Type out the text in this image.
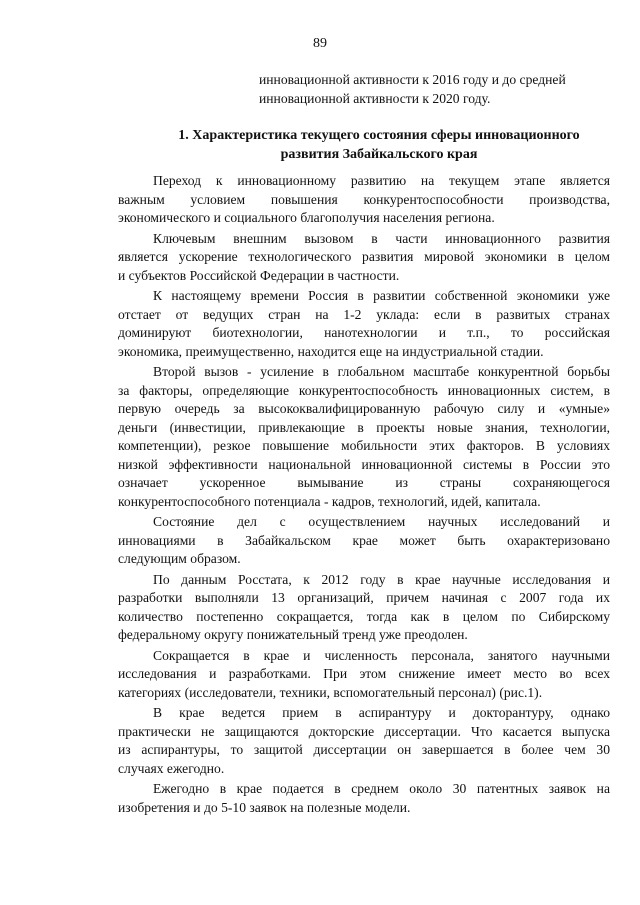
89
инновационной активности к 2016 году и до средней
инновационной активности к 2020 году.
1. Характеристика текущего состояния сферы инновационного
развития Забайкальского края
Переход к инновационному развитию на текущем этапе является
важным условием повышения конкурентоспособности производства,
экономического и социального благополучия населения региона.
Ключевым внешним вызовом в части инновационного развития
является ускорение технологического развития мировой экономики в целом
и субъектов Российской Федерации в частности.
К настоящему времени Россия в развитии собственной экономики уже
отстает от ведущих стран на 1-2 уклада: если в развитых странах
доминируют биотехнологии, нанотехнологии и т.п., то российская
экономика, преимущественно, находится еще на индустриальной стадии.
Второй вызов - усиление в глобальном масштабе конкурентной борьбы
за факторы, определяющие конкурентоспособность инновационных систем, в
первую очередь за высококвалифицированную рабочую силу и «умные»
деньги (инвестиции, привлекающие в проекты новые знания, технологии,
компетенции), резкое повышение мобильности этих факторов. В условиях
низкой эффективности национальной инновационной системы в России это
означает ускоренное вымывание из страны сохраняющегося
конкурентоспособного потенциала - кадров, технологий, идей, капитала.
Состояние дел с осуществлением научных исследований и
инновациями в Забайкальском крае может быть охарактеризовано
следующим образом.
По данным Росстата, к 2012 году в крае научные исследования и
разработки выполняли 13 организаций, причем начиная с 2007 года их
количество постепенно сокращается, тогда как в целом по Сибирскому
федеральному округу понижательный тренд уже преодолен.
Сокращается в крае и численность персонала, занятого научными
исследования и разработками. При этом снижение имеет место во всех
категориях (исследователи, техники, вспомогательный персонал) (рис.1).
В крае ведется прием в аспирантуру и докторантуру, однако
практически не защищаются докторские диссертации. Что касается выпуска
из аспирантуры, то защитой диссертации он завершается в более чем 30
случаях ежегодно.
Ежегодно в крае подается в среднем около 30 патентных заявок на
изобретения и до 5-10 заявок на полезные модели.
